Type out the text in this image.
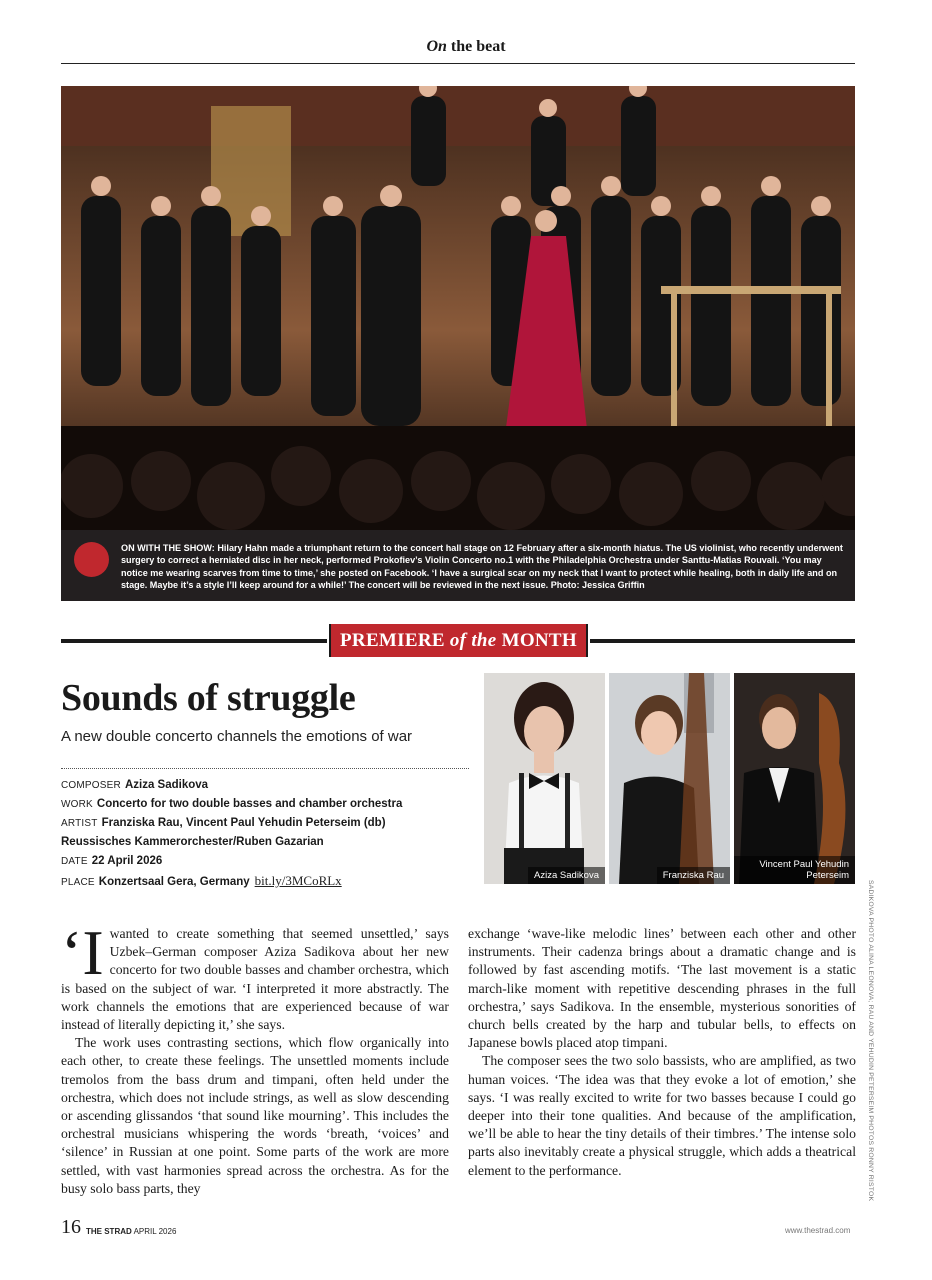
On the beat
ON WITH THE SHOW: Hilary Hahn made a triumphant return to the concert hall stage on 12 February after a six-month hiatus. The US violinist, who recently underwent surgery to correct a herniated disc in her neck, performed Prokofiev’s Violin Concerto no.1 with the Philadelphia Orchestra under Santtu-Matias Rouvali. ‘You may notice me wearing scarves from time to time,’ she posted on Facebook. ‘I have a surgical scar on my neck that I want to protect while healing, both in daily life and on stage. Maybe it’s a style I’ll keep around for a while!’ The concert will be reviewed in the next issue. Photo: Jessica Griffin
PREMIERE of the MONTH
Sounds of struggle
A new double concerto channels the emotions of war
COMPOSER Aziza Sadikova
WORK Concerto for two double basses and chamber orchestra
ARTIST Franziska Rau, Vincent Paul Yehudin Peterseim (db)
Reussisches Kammerorchester/Ruben Gazarian
DATE 22 April 2026
PLACE Konzertsaal Gera, Germany bit.ly/3MCoRLx	Aziza Sadikova	Franziska Rau
Vincent Paul Yehudin Peterseim
SADIKOVA PHOTO ALINA LEONOVA; RAU AND YEHUDIN PETERSEIM PHOTOS RONNY RISTOK

‘Iwanted to create something that seemed unsettled,’ says Uzbek–German composer Aziza Sadikova about her new concerto for two double basses and chamber orchestra, which is based on the subject of war. ‘I interpreted it more abstractly. The work channels the emotions that are experienced because of war instead of literally depicting it,’ she says.

The work uses contrasting sections, which flow organically into each other, to create these feelings. The unsettled moments include tremolos from the bass drum and timpani, often held under the orchestra, which does not include strings, as well as slow descending or ascending glissandos ‘that sound like mourning’. This includes the orchestral musicians whispering the words ‘breath, ‘voices’ and ‘silence’ in Russian at one point. Some parts of the work are more settled, with vast harmonies spread across the orchestra. As for the busy solo bass parts, they

exchange ‘wave-like melodic lines’ between each other and other instruments. Their cadenza brings about a dramatic change and is followed by fast ascending motifs. ‘The last movement is a static march-like moment with repetitive descending phrases in the full orchestra,’ says Sadikova. In the ensemble, mysterious sonorities of church bells created by the harp and tubular bells, to effects on Japanese bowls placed atop timpani.

The composer sees the two solo bassists, who are amplified, as two human voices. ‘The idea was that they evoke a lot of emotion,’ she says. ‘I was really excited to write for two basses because I could go deeper into their tone qualities. And because of the amplification, we’ll be able to hear the tiny details of their timbres.’ The intense solo parts also inevitably create a physical struggle, which adds a theatrical element to the performance.

16 THE STRAD APRIL 2026	www.thestrad.com
